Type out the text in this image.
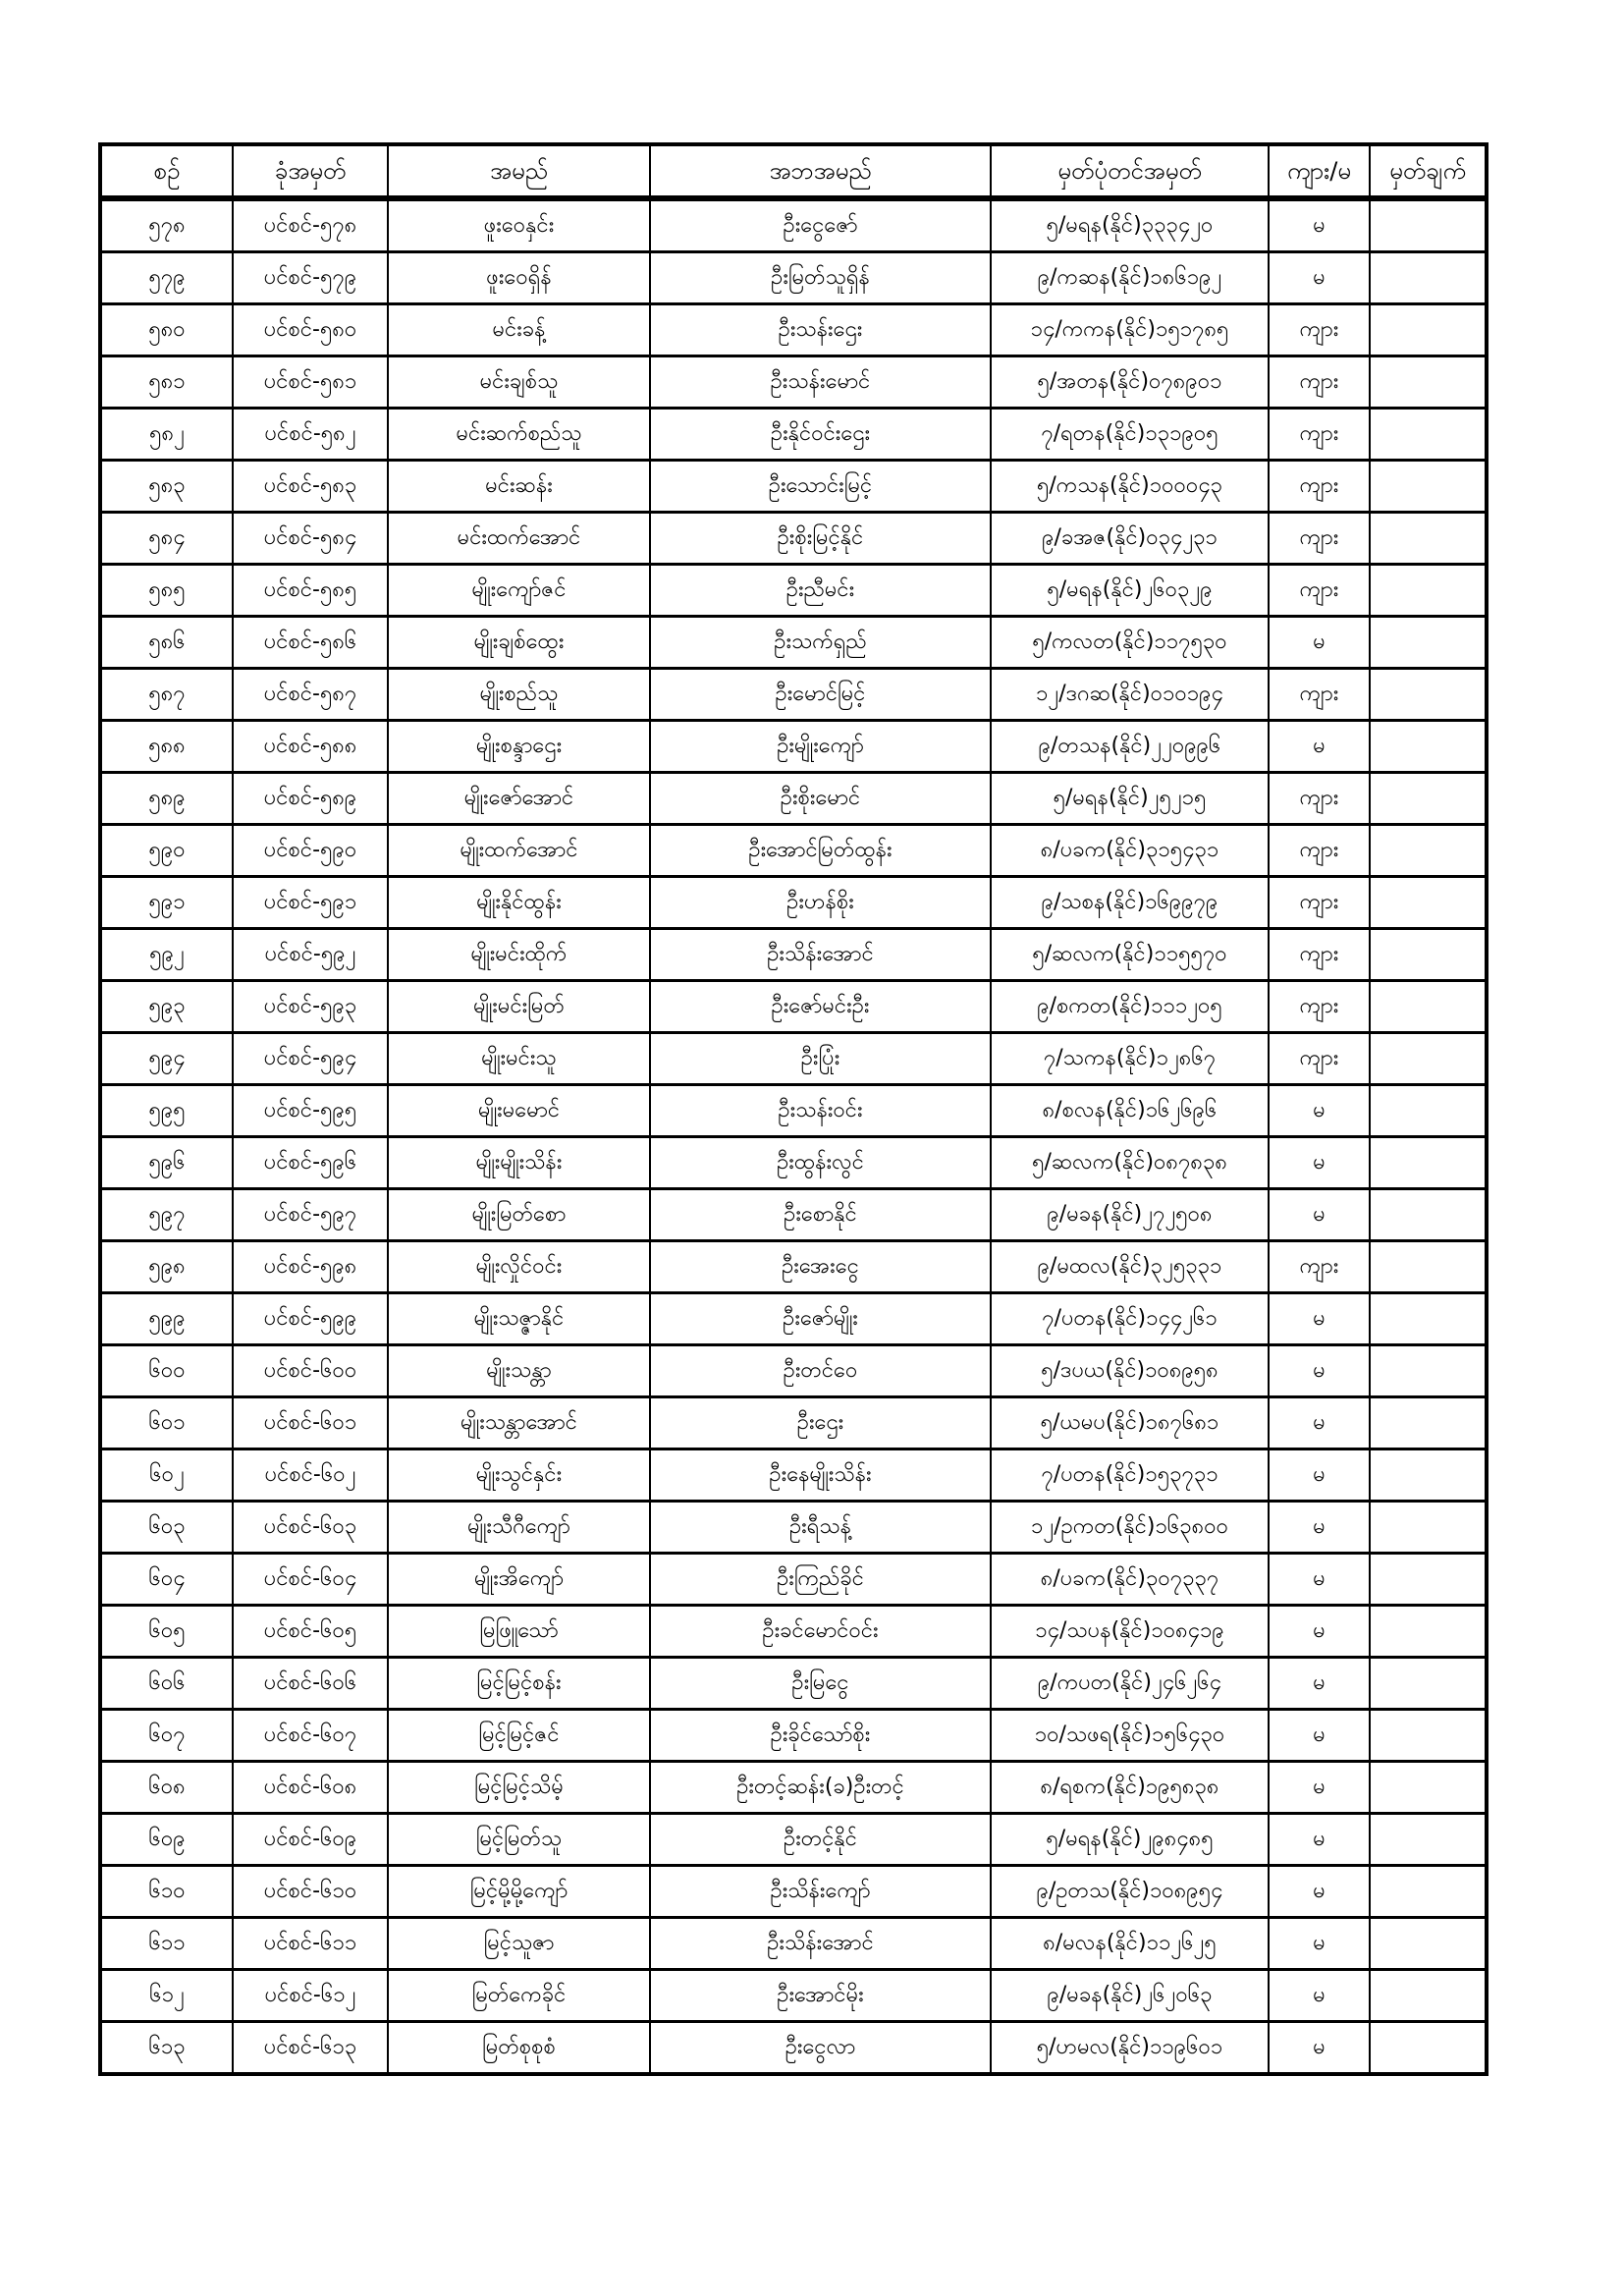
စဉ်	ခုံအမှတ်	အမည်	အဘအမည်	မှတ်ပုံတင်အမှတ်	ကျား/မ	မှတ်ချက်
၅၇၈	ပင်စင်-၅၇၈	ဖူးဝေနှင်း	ဦးငွေဇော်	၅/မရန(နိုင်)၃၃၃၄၂၀	မ	
၅၇၉	ပင်စင်-၅၇၉	ဖူးဝေရှိန်	ဦးမြတ်သူရှိန်	၉/ကဆန(နိုင်)၁၈၆၁၉၂	မ	
၅၈၀	ပင်စင်-၅၈၀	မင်းခန့်	ဦးသန်းဌေး	၁၄/ကကန(နိုင်)၁၅၁၇၈၅	ကျား	
၅၈၁	ပင်စင်-၅၈၁	မင်းချစ်သူ	ဦးသန်းမောင်	၅/အတန(နိုင်)၀၇၈၉၀၁	ကျား	
၅၈၂	ပင်စင်-၅၈၂	မင်းဆက်စည်သူ	ဦးနိုင်ဝင်းဌေး	၇/ရတန(နိုင်)၁၃၁၉၀၅	ကျား	
၅၈၃	ပင်စင်-၅၈၃	မင်းဆန်း	ဦးသောင်းမြင့်	၅/ကသန(နိုင်)၁၀၀၀၄၃	ကျား	
၅၈၄	ပင်စင်-၅၈၄	မင်းထက်အောင်	ဦးစိုးမြင့်နိုင်	၉/ခအဇ(နိုင်)၀၃၄၂၃၁	ကျား	
၅၈၅	ပင်စင်-၅၈၅	မျိုးကျော်ဇင်	ဦးညီမင်း	၅/မရန(နိုင်)၂၆၀၃၂၉	ကျား	
၅၈၆	ပင်စင်-၅၈၆	မျိုးချစ်ထွေး	ဦးသက်ရှည်	၅/ကလတ(နိုင်)၁၁၇၅၃၀	မ	
၅၈၇	ပင်စင်-၅၈၇	မျိုးစည်သူ	ဦးမောင်မြင့်	၁၂/ဒဂဆ(နိုင်)၀၁၀၁၉၄	ကျား	
၅၈၈	ပင်စင်-၅၈၈	မျိုးစန္ဒာဌေး	ဦးမျိုးကျော်	၉/တသန(နိုင်)၂၂၀၉၉၆	မ	
၅၈၉	ပင်စင်-၅၈၉	မျိုးဇော်အောင်	ဦးစိုးမောင်	၅/မရန(နိုင်)၂၅၂၁၅	ကျား	
၅၉၀	ပင်စင်-၅၉၀	မျိုးထက်အောင်	ဦးအောင်မြတ်ထွန်း	၈/ပခက(နိုင်)၃၁၅၄၃၁	ကျား	
၅၉၁	ပင်စင်-၅၉၁	မျိုးနိုင်ထွန်း	ဦးဟန်စိုး	၉/သစန(နိုင်)၁၆၉၉၇၉	ကျား	
၅၉၂	ပင်စင်-၅၉၂	မျိုးမင်းထိုက်	ဦးသိန်းအောင်	၅/ဆလက(နိုင်)၁၁၅၅၇၀	ကျား	
၅၉၃	ပင်စင်-၅၉၃	မျိုးမင်းမြတ်	ဦးဇော်မင်းဦး	၉/စကတ(နိုင်)၁၁၁၂၀၅	ကျား	
၅၉၄	ပင်စင်-၅၉၄	မျိုးမင်းသူ	ဦးပြုံး	၇/သကန(နိုင်)၁၂၈၆၇	ကျား	
၅၉၅	ပင်စင်-၅၉၅	မျိုးမမောင်	ဦးသန်းဝင်း	၈/စလန(နိုင်)၁၆၂၆၉၆	မ	
၅၉၆	ပင်စင်-၅၉၆	မျိုးမျိုးသိန်း	ဦးထွန်းလွင်	၅/ဆလက(နိုင်)၀၈၇၈၃၈	မ	
၅၉၇	ပင်စင်-၅၉၇	မျိုးမြတ်စော	ဦးစောနိုင်	၉/မခန(နိုင်)၂၇၂၅၀၈	မ	
၅၉၈	ပင်စင်-၅၉၈	မျိုးလှိုင်ဝင်း	ဦးအေးငွေ	၉/မထလ(နိုင်)၃၂၅၃၃၁	ကျား	
၅၉၉	ပင်စင်-၅၉၉	မျိုးသဇ္ဇာနိုင်	ဦးဇော်မျိုး	၇/ပတန(နိုင်)၁၄၄၂၆၁	မ	
၆၀၀	ပင်စင်-၆၀၀	မျိုးသန္တာ	ဦးတင်ဝေ	၅/ဒပယ(နိုင်)၁၀၈၉၅၈	မ	
၆၀၁	ပင်စင်-၆၀၁	မျိုးသန္တာအောင်	ဦးဌေး	၅/ယမပ(နိုင်)၁၈၇၆၈၁	မ	
၆၀၂	ပင်စင်-၆၀၂	မျိုးသွင်နှင်း	ဦးနေမျိုးသိန်း	၇/ပတန(နိုင်)၁၅၃၇၃၁	မ	
၆၀၃	ပင်စင်-၆၀၃	မျိုးသီဂီကျော်	ဦးရီသန့်	၁၂/ဥကတ(နိုင်)၁၆၃၈၀၀	မ	
၆၀၄	ပင်စင်-၆၀၄	မျိုးအိကျော်	ဦးကြည်ခိုင်	၈/ပခက(နိုင်)၃၀၇၃၃၇	မ	
၆၀၅	ပင်စင်-၆၀၅	မြဖြူသော်	ဦးခင်မောင်ဝင်း	၁၄/သပန(နိုင်)၁၀၈၄၁၉	မ	
၆၀၆	ပင်စင်-၆၀၆	မြင့်မြင့်စန်း	ဦးမြငွေ	၉/ကပတ(နိုင်)၂၄၆၂၆၄	မ	
၆၀၇	ပင်စင်-၆၀၇	မြင့်မြင့်ဇင်	ဦးခိုင်သော်စိုး	၁၀/သဖရ(နိုင်)၁၅၆၄၃၀	မ	
၆၀၈	ပင်စင်-၆၀၈	မြင့်မြင့်သိမ့်	ဦးတင့်ဆန်း(ခ)ဦးတင့်	၈/ရစက(နိုင်)၁၉၅၈၃၈	မ	
၆၀၉	ပင်စင်-၆၀၉	မြင့်မြတ်သူ	ဦးတင့်နိုင်	၅/မရန(နိုင်)၂၉၈၄၈၅	မ	
၆၁၀	ပင်စင်-၆၁၀	မြင့်မို့မို့ကျော်	ဦးသိန်းကျော်	၉/ဥတသ(နိုင်)၁၀၈၉၅၄	မ	
၆၁၁	ပင်စင်-၆၁၁	မြင့်သူဇာ	ဦးသိန်းအောင်	၈/မလန(နိုင်)၁၁၂၆၂၅	မ	
၆၁၂	ပင်စင်-၆၁၂	မြတ်ကေခိုင်	ဦးအောင်မိုး	၉/မခန(နိုင်)၂၆၂၀၆၃	မ	
၆၁၃	ပင်စင်-၆၁၃	မြတ်စုစုစံ	ဦးငွေလာ	၅/ဟမလ(နိုင်)၁၁၉၆၀၁	မ	
